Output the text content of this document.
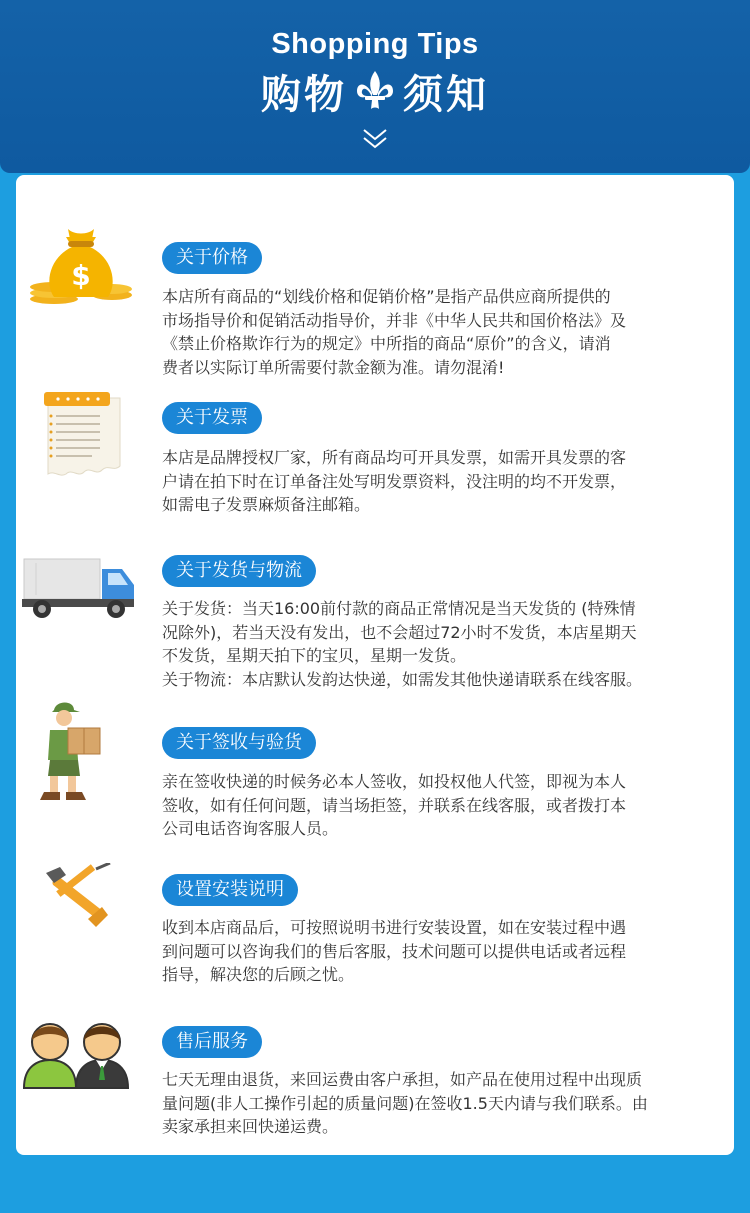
Shopping Tips
购物 须知
$
关于价格
本店所有商品的“划线价格和促销价格”是指产品供应商所提供的
市场指导价和促销活动指导价，并非《中华人民共和国价格法》及
《禁止价格欺诈行为的规定》中所指的商品“原价”的含义，请消
费者以实际订单所需要付款金额为准。请勿混淆!
关于发票
本店是品牌授权厂家，所有商品均可开具发票，如需开具发票的客
户请在拍下时在订单备注处写明发票资料，没注明的均不开发票，
如需电子发票麻烦备注邮箱。
关于发货与物流
关于发货：当天16:00前付款的商品正常情况是当天发货的 (特殊情
况除外)，若当天没有发出，也不会超过72小时不发货，本店星期天
不发货，星期天拍下的宝贝，星期一发货。
关于物流：本店默认发韵达快递，如需发其他快递请联系在线客服。
关于签收与验货
亲在签收快递的时候务必本人签收，如投权他人代签，即视为本人
签收，如有任何问题，请当场拒签，并联系在线客服，或者拨打本
公司电话咨询客服人员。
设置安装说明
收到本店商品后，可按照说明书进行安装设置，如在安装过程中遇
到问题可以咨询我们的售后客服，技术问题可以提供电话或者远程
指导，解决您的后顾之忧。
售后服务
七天无理由退货，来回运费由客户承担，如产品在使用过程中出现质
量问题(非人工操作引起的质量问题)在签收1.5天内请与我们联系。由
卖家承担来回快递运费。
